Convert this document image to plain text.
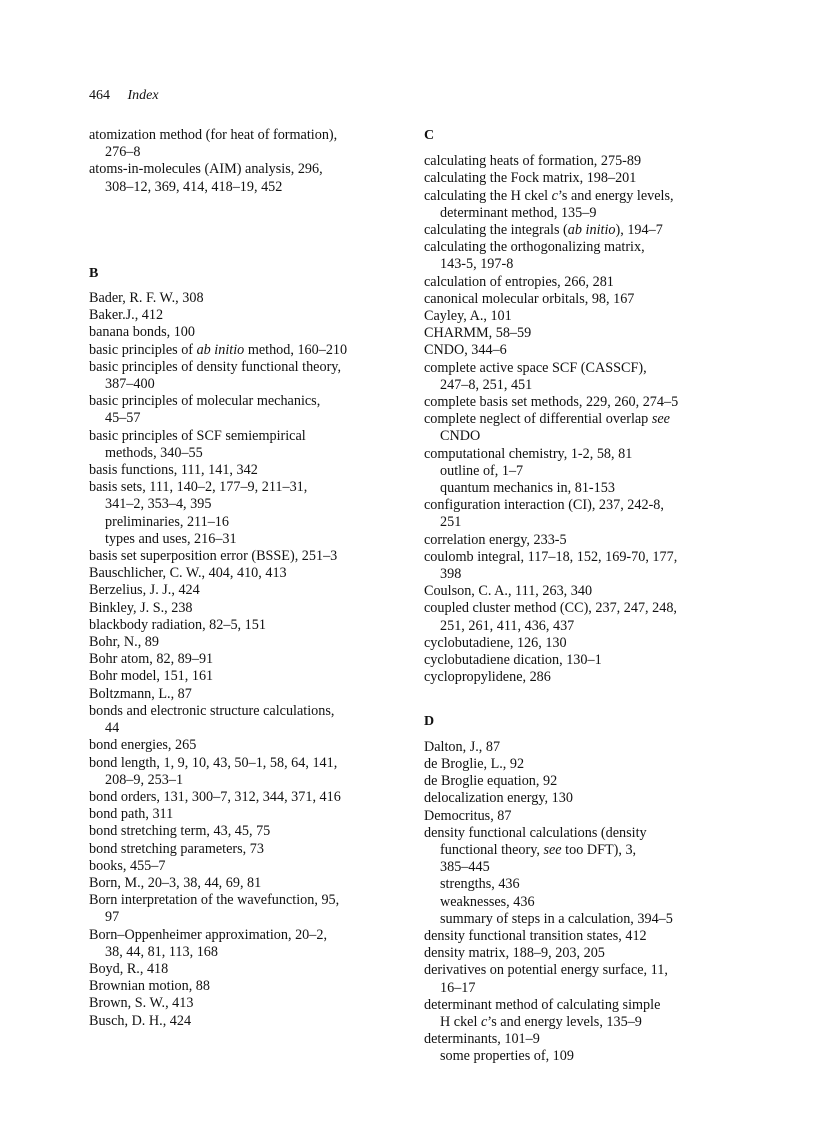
464 Index
atomization method (for heat of formation),
276–8
atoms-in-molecules (AIM) analysis, 296,
308–12, 369, 414, 418–19, 452
B
Bader, R. F. W., 308
Baker.J., 412
banana bonds, 100
basic principles of ab initio method, 160–210
basic principles of density functional theory,
387–400
basic principles of molecular mechanics,
45–57
basic principles of SCF semiempirical
methods, 340–55
basis functions, 111, 141, 342
basis sets, 111, 140–2, 177–9, 211–31,
341–2, 353–4, 395
preliminaries, 211–16
types and uses, 216–31
basis set superposition error (BSSE), 251–3
Bauschlicher, C. W., 404, 410, 413
Berzelius, J. J., 424
Binkley, J. S., 238
blackbody radiation, 82–5, 151
Bohr, N., 89
Bohr atom, 82, 89–91
Bohr model, 151, 161
Boltzmann, L., 87
bonds and electronic structure calculations,
44
bond energies, 265
bond length, 1, 9, 10, 43, 50–1, 58, 64, 141,
208–9, 253–1
bond orders, 131, 300–7, 312, 344, 371, 416
bond path, 311
bond stretching term, 43, 45, 75
bond stretching parameters, 73
books, 455–7
Born, M., 20–3, 38, 44, 69, 81
Born interpretation of the wavefunction, 95,
97
Born–Oppenheimer approximation, 20–2,
38, 44, 81, 113, 168
Boyd, R., 418
Brownian motion, 88
Brown, S. W., 413
Busch, D. H., 424
C
calculating heats of formation, 275-89
calculating the Fock matrix, 198–201
calculating the H ckel c’s and energy levels,
determinant method, 135–9
calculating the integrals (ab initio), 194–7
calculating the orthogonalizing matrix,
143-5, 197-8
calculation of entropies, 266, 281
canonical molecular orbitals, 98, 167
Cayley, A., 101
CHARMM, 58–59
CNDO, 344–6
complete active space SCF (CASSCF),
247–8, 251, 451
complete basis set methods, 229, 260, 274–5
complete neglect of differential overlap see
CNDO
computational chemistry, 1-2, 58, 81
outline of, 1–7
quantum mechanics in, 81-153
configuration interaction (CI), 237, 242-8,
251
correlation energy, 233-5
coulomb integral, 117–18, 152, 169-70, 177,
398
Coulson, C. A., 111, 263, 340
coupled cluster method (CC), 237, 247, 248,
251, 261, 411, 436, 437
cyclobutadiene, 126, 130
cyclobutadiene dication, 130–1
cyclopropylidene, 286
D
Dalton, J., 87
de Broglie, L., 92
de Broglie equation, 92
delocalization energy, 130
Democritus, 87
density functional calculations (density
functional theory, see too DFT), 3,
385–445
strengths, 436
weaknesses, 436
summary of steps in a calculation, 394–5
density functional transition states, 412
density matrix, 188–9, 203, 205
derivatives on potential energy surface, 11,
16–17
determinant method of calculating simple
H ckel c’s and energy levels, 135–9
determinants, 101–9
some properties of, 109
